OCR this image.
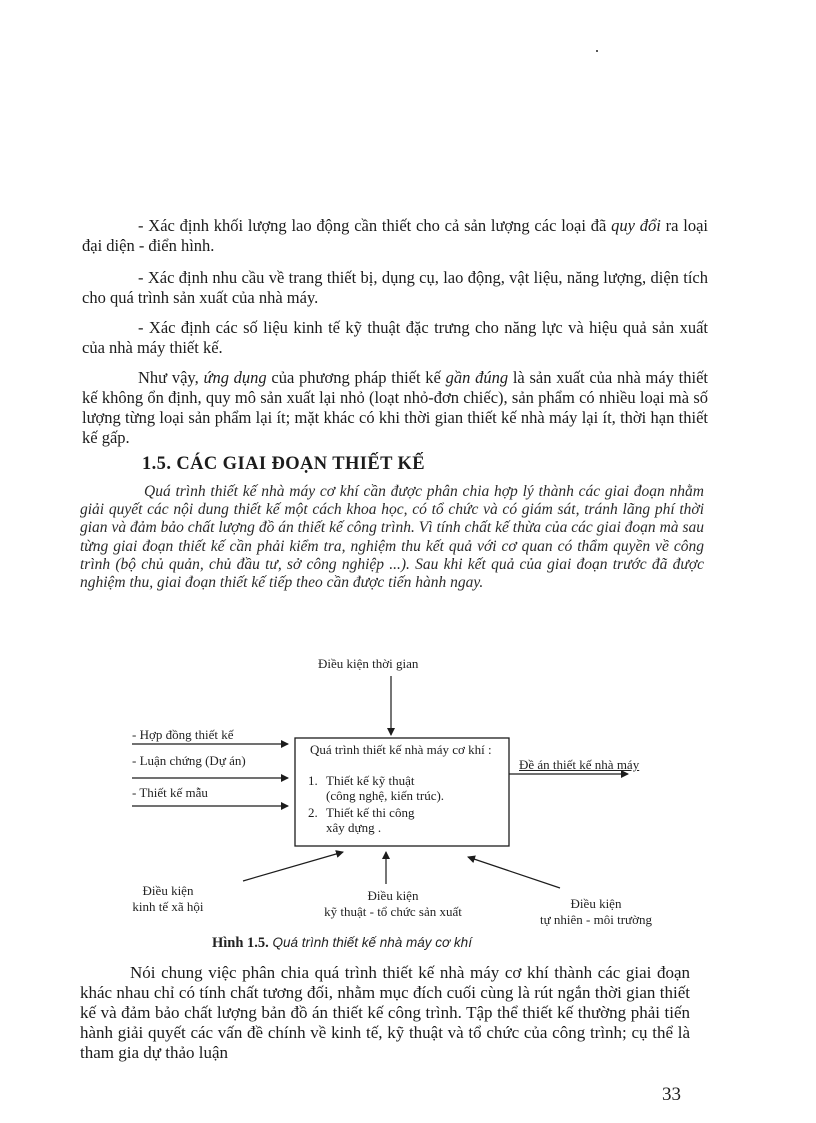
- Xác định khối lượng lao động cần thiết cho cả sản lượng các loại đã quy đổi ra loại đại diện - điển hình.

- Xác định nhu cầu về trang thiết bị, dụng cụ, lao động, vật liệu, năng lượng, diện tích cho quá trình sản xuất của nhà máy.

- Xác định các số liệu kinh tế kỹ thuật đặc trưng cho năng lực và hiệu quả sản xuất của nhà máy thiết kế.

Như vậy, ứng dụng của phương pháp thiết kế gần đúng là sản xuất của nhà máy thiết kế không ổn định, quy mô sản xuất lại nhỏ (loạt nhỏ-đơn chiếc), sản phẩm có nhiều loại mà số lượng từng loại sản phẩm lại ít; mặt khác có khi thời gian thiết kế nhà máy lại ít, thời hạn thiết kế gấp.

1.5. CÁC GIAI ĐOẠN THIẾT KẾ

Quá trình thiết kế nhà máy cơ khí cần được phân chia hợp lý thành các giai đoạn nhằm giải quyết các nội dung thiết kế một cách khoa học, có tổ chức và có giám sát, tránh lãng phí thời gian và đảm bảo chất lượng đồ án thiết kế công trình. Vì tính chất kế thừa của các giai đoạn mà sau từng giai đoạn thiết kế cần phải kiểm tra, nghiệm thu kết quả với cơ quan có thẩm quyền về công trình (bộ chủ quản, chủ đầu tư, sở công nghiệp ...). Sau khi kết quả của giai đoạn trước đã được nghiệm thu, giai đoạn thiết kế tiếp theo cần được tiến hành ngay.

Điều kiện thời gian
- Hợp đồng thiết kế
- Luận chứng (Dự án)
- Thiết kế mẫu
Quá trình thiết kế nhà máy cơ khí :
1. Thiết kế kỹ thuật
(công nghệ, kiến trúc).
2. Thiết kế thi công
xây dựng .
Đề án thiết kế nhà máy
Điều kiện
kinh tế xã hội
Điều kiện
kỹ thuật - tổ chức sản xuất
Điều kiện
tự nhiên - môi trường
Hình 1.5. Quá trình thiết kế nhà máy cơ khí

Nói chung việc phân chia quá trình thiết kế nhà máy cơ khí thành các giai đoạn khác nhau chỉ có tính chất tương đối, nhằm mục đích cuối cùng là rút ngắn thời gian thiết kế và đảm bảo chất lượng bản đồ án thiết kế công trình. Tập thể thiết kế thường phải tiến hành giải quyết các vấn đề chính về kinh tế, kỹ thuật và tổ chức của công trình; cụ thể là tham gia dự thảo luận

33
